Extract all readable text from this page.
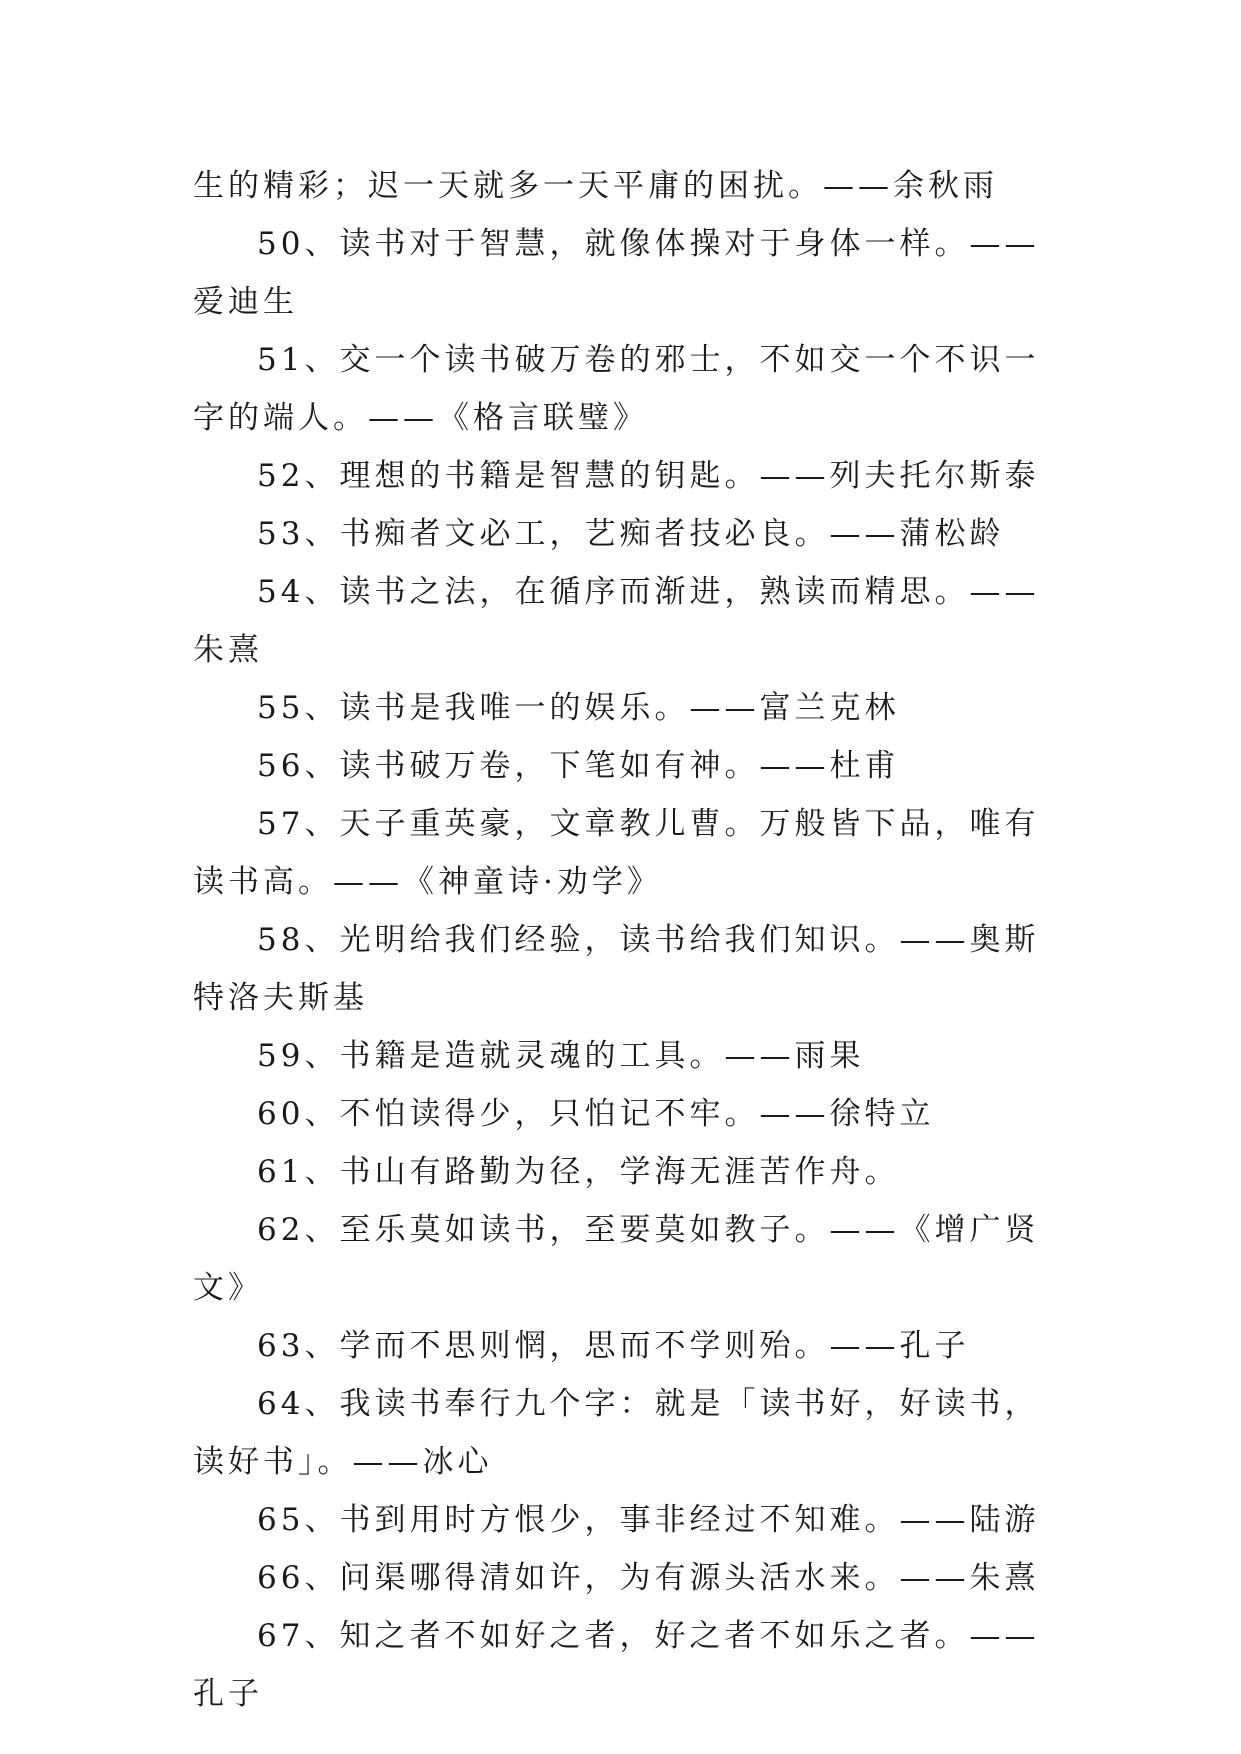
生的精彩；迟一天就多一天平庸的困扰。——余秋雨

50、读书对于智慧，就像体操对于身体一样。——爱迪生

51、交一个读书破万卷的邪士，不如交一个不识一字的端人。——《格言联璧》

52、理想的书籍是智慧的钥匙。——列夫托尔斯泰

53、书痴者文必工，艺痴者技必良。——蒲松龄

54、读书之法，在循序而渐进，熟读而精思。——朱熹

55、读书是我唯一的娱乐。——富兰克林

56、读书破万卷，下笔如有神。——杜甫

57、天子重英豪，文章教儿曹。万般皆下品，唯有读书高。——《神童诗·劝学》

58、光明给我们经验，读书给我们知识。——奥斯特洛夫斯基

59、书籍是造就灵魂的工具。——雨果

60、不怕读得少，只怕记不牢。——徐特立

61、书山有路勤为径，学海无涯苦作舟。

62、至乐莫如读书，至要莫如教子。——《增广贤文》

63、学而不思则惘，思而不学则殆。——孔子

64、我读书奉行九个字：就是「读书好，好读书，读好书」。——冰心

65、书到用时方恨少，事非经过不知难。——陆游

66、问渠哪得清如许，为有源头活水来。——朱熹

67、知之者不如好之者，好之者不如乐之者。——孔子
